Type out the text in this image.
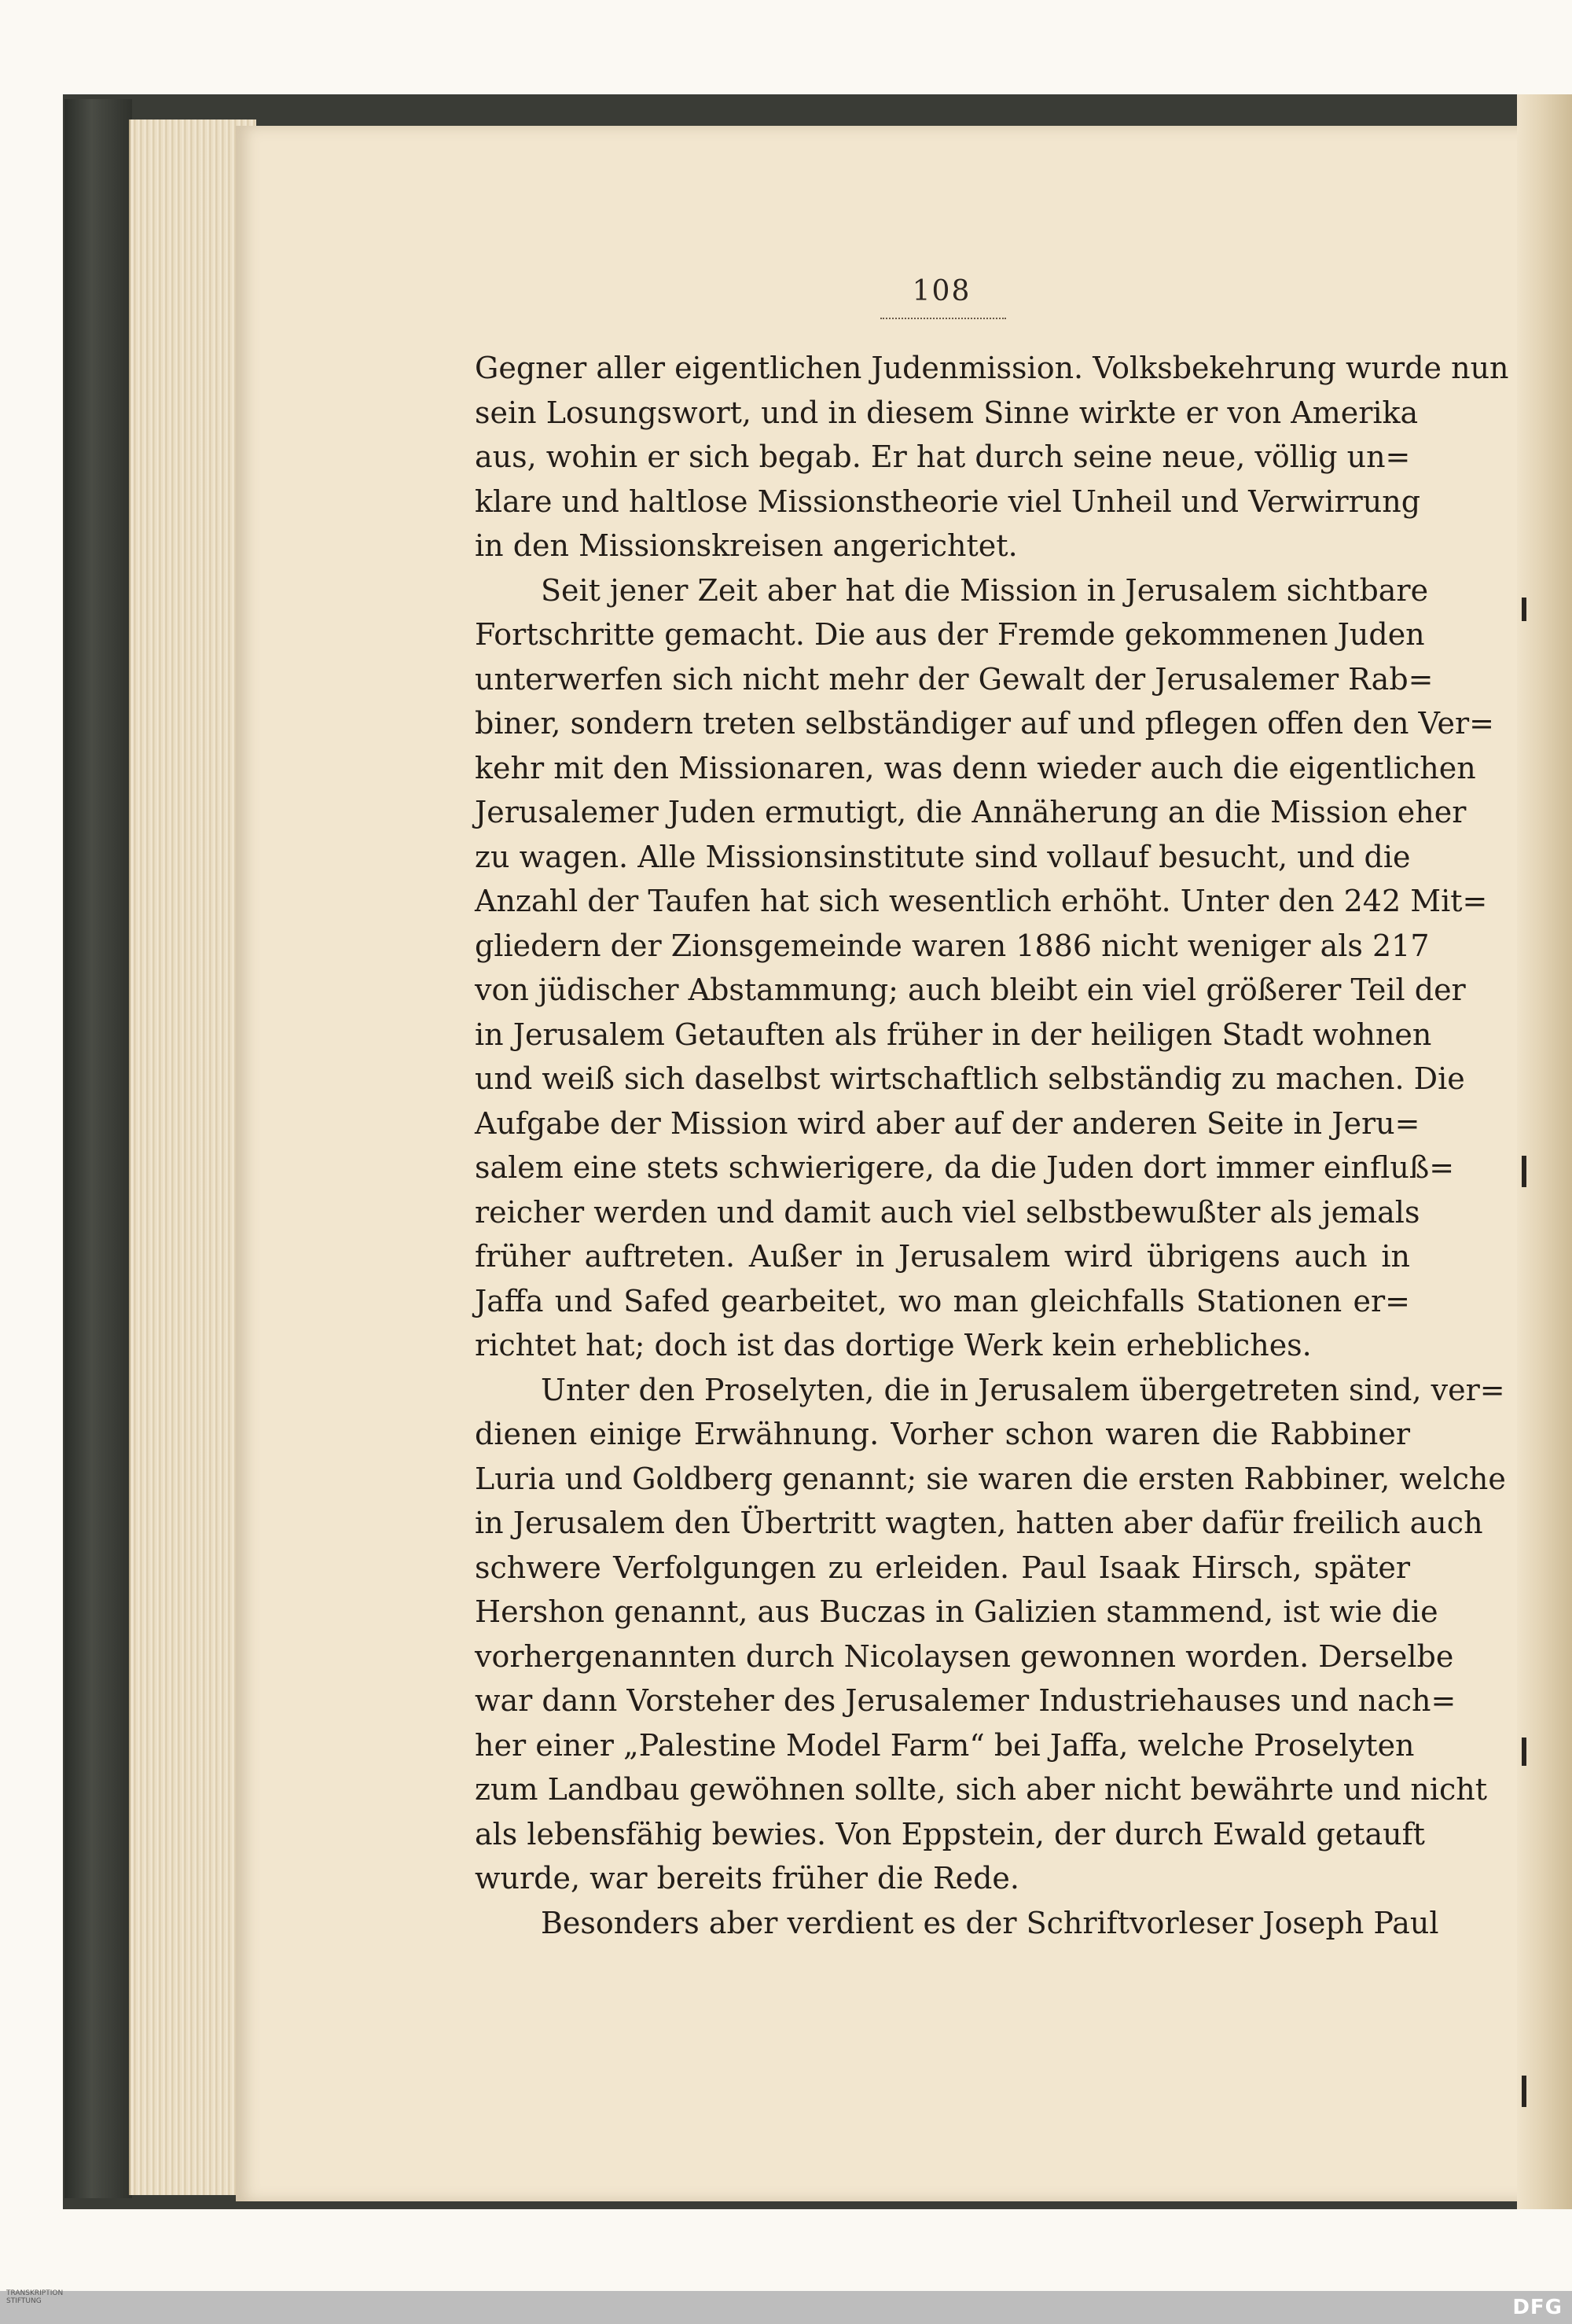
108
Gegner aller eigentlichen Judenmission. Volksbekehrung wurde nun
sein Losungswort, und in diesem Sinne wirkte er von Amerika
aus, wohin er sich begab. Er hat durch seine neue, völlig un=
klare und haltlose Missionstheorie viel Unheil und Verwirrung
in den Missionskreisen angerichtet.
Seit jener Zeit aber hat die Mission in Jerusalem sichtbare
Fortschritte gemacht. Die aus der Fremde gekommenen Juden
unterwerfen sich nicht mehr der Gewalt der Jerusalemer Rab=
biner, sondern treten selbständiger auf und pflegen offen den Ver=
kehr mit den Missionaren, was denn wieder auch die eigentlichen
Jerusalemer Juden ermutigt, die Annäherung an die Mission eher
zu wagen. Alle Missionsinstitute sind vollauf besucht, und die
Anzahl der Taufen hat sich wesentlich erhöht. Unter den 242 Mit=
gliedern der Zionsgemeinde waren 1886 nicht weniger als 217
von jüdischer Abstammung; auch bleibt ein viel größerer Teil der
in Jerusalem Getauften als früher in der heiligen Stadt wohnen
und weiß sich daselbst wirtschaftlich selbständig zu machen. Die
Aufgabe der Mission wird aber auf der anderen Seite in Jeru=
salem eine stets schwierigere, da die Juden dort immer einfluß=
reicher werden und damit auch viel selbstbewußter als jemals
früher auftreten. Außer in Jerusalem wird übrigens auch in
Jaffa und Safed gearbeitet, wo man gleichfalls Stationen er=
richtet hat; doch ist das dortige Werk kein erhebliches.
Unter den Proselyten, die in Jerusalem übergetreten sind, ver=
dienen einige Erwähnung. Vorher schon waren die Rabbiner
Luria und Goldberg genannt; sie waren die ersten Rabbiner, welche
in Jerusalem den Übertritt wagten, hatten aber dafür freilich auch
schwere Verfolgungen zu erleiden. Paul Isaak Hirsch, später
Hershon genannt, aus Buczas in Galizien stammend, ist wie die
vorhergenannten durch Nicolaysen gewonnen worden. Derselbe
war dann Vorsteher des Jerusalemer Industriehauses und nach=
her einer „Palestine Model Farm“ bei Jaffa, welche Proselyten
zum Landbau gewöhnen sollte, sich aber nicht bewährte und nicht
als lebensfähig bewies. Von Eppstein, der durch Ewald getauft
wurde, war bereits früher die Rede.
Besonders aber verdient es der Schriftvorleser Joseph Paul
TRANSKRIPTION
STIFTUNG	DFG
